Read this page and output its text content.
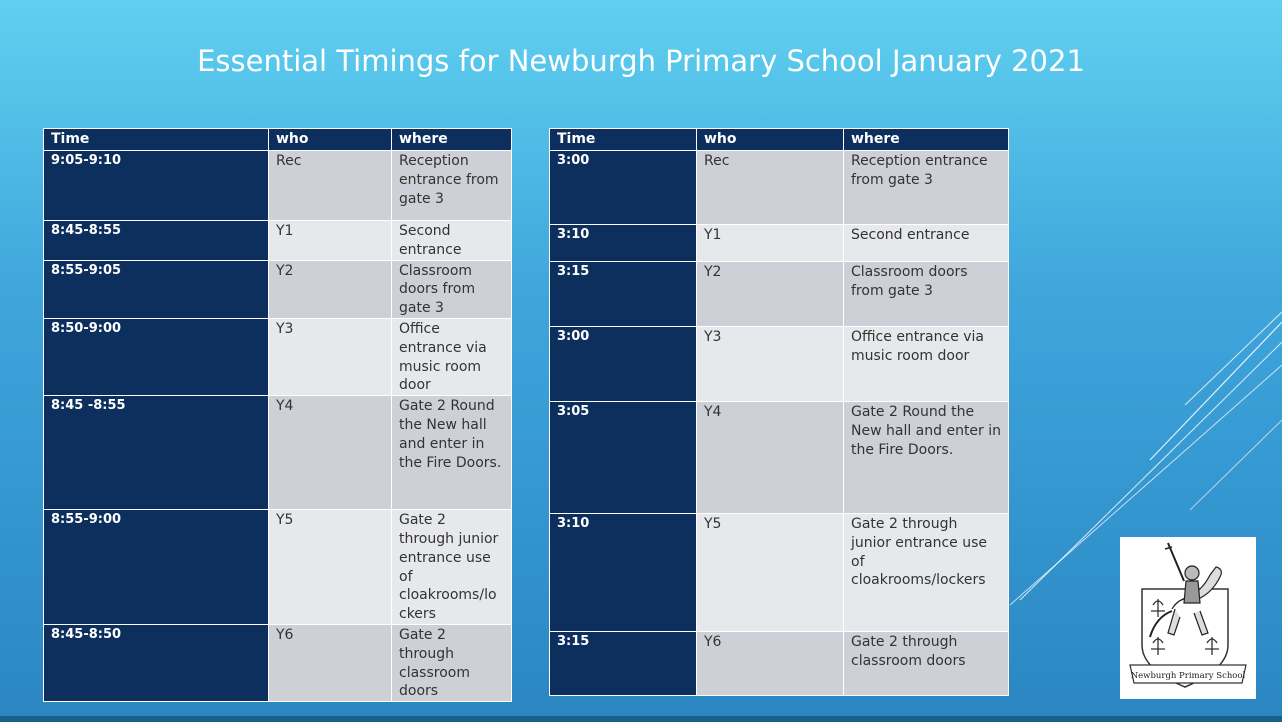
Essential Timings for Newburgh Primary School January 2021
Time	who	where
9:05-9:10	Rec	Reception entrance from gate 3
8:45-8:55	Y1	Second entrance
8:55-9:05	Y2	Classroom doors from gate 3
8:50-9:00	Y3	Office entrance via music room door
8:45 -8:55	Y4	Gate 2 Round the New hall and enter in the Fire Doors.
8:55-9:00	Y5	Gate 2 through junior entrance use of cloakrooms/lo ckers
8:45-8:50	Y6	Gate 2 through classroom doors
Time	who	where
3:00	Rec	Reception entrance from gate 3
3:10	Y1	Second entrance
3:15	Y2	Classroom doors from gate 3
3:00	Y3	Office entrance via music room door
3:05	Y4	Gate 2 Round the New hall and enter in the Fire Doors.
3:10	Y5	Gate 2 through junior entrance use of cloakrooms/lockers
3:15	Y6	Gate 2 through classroom doors
Newburgh Primary School
